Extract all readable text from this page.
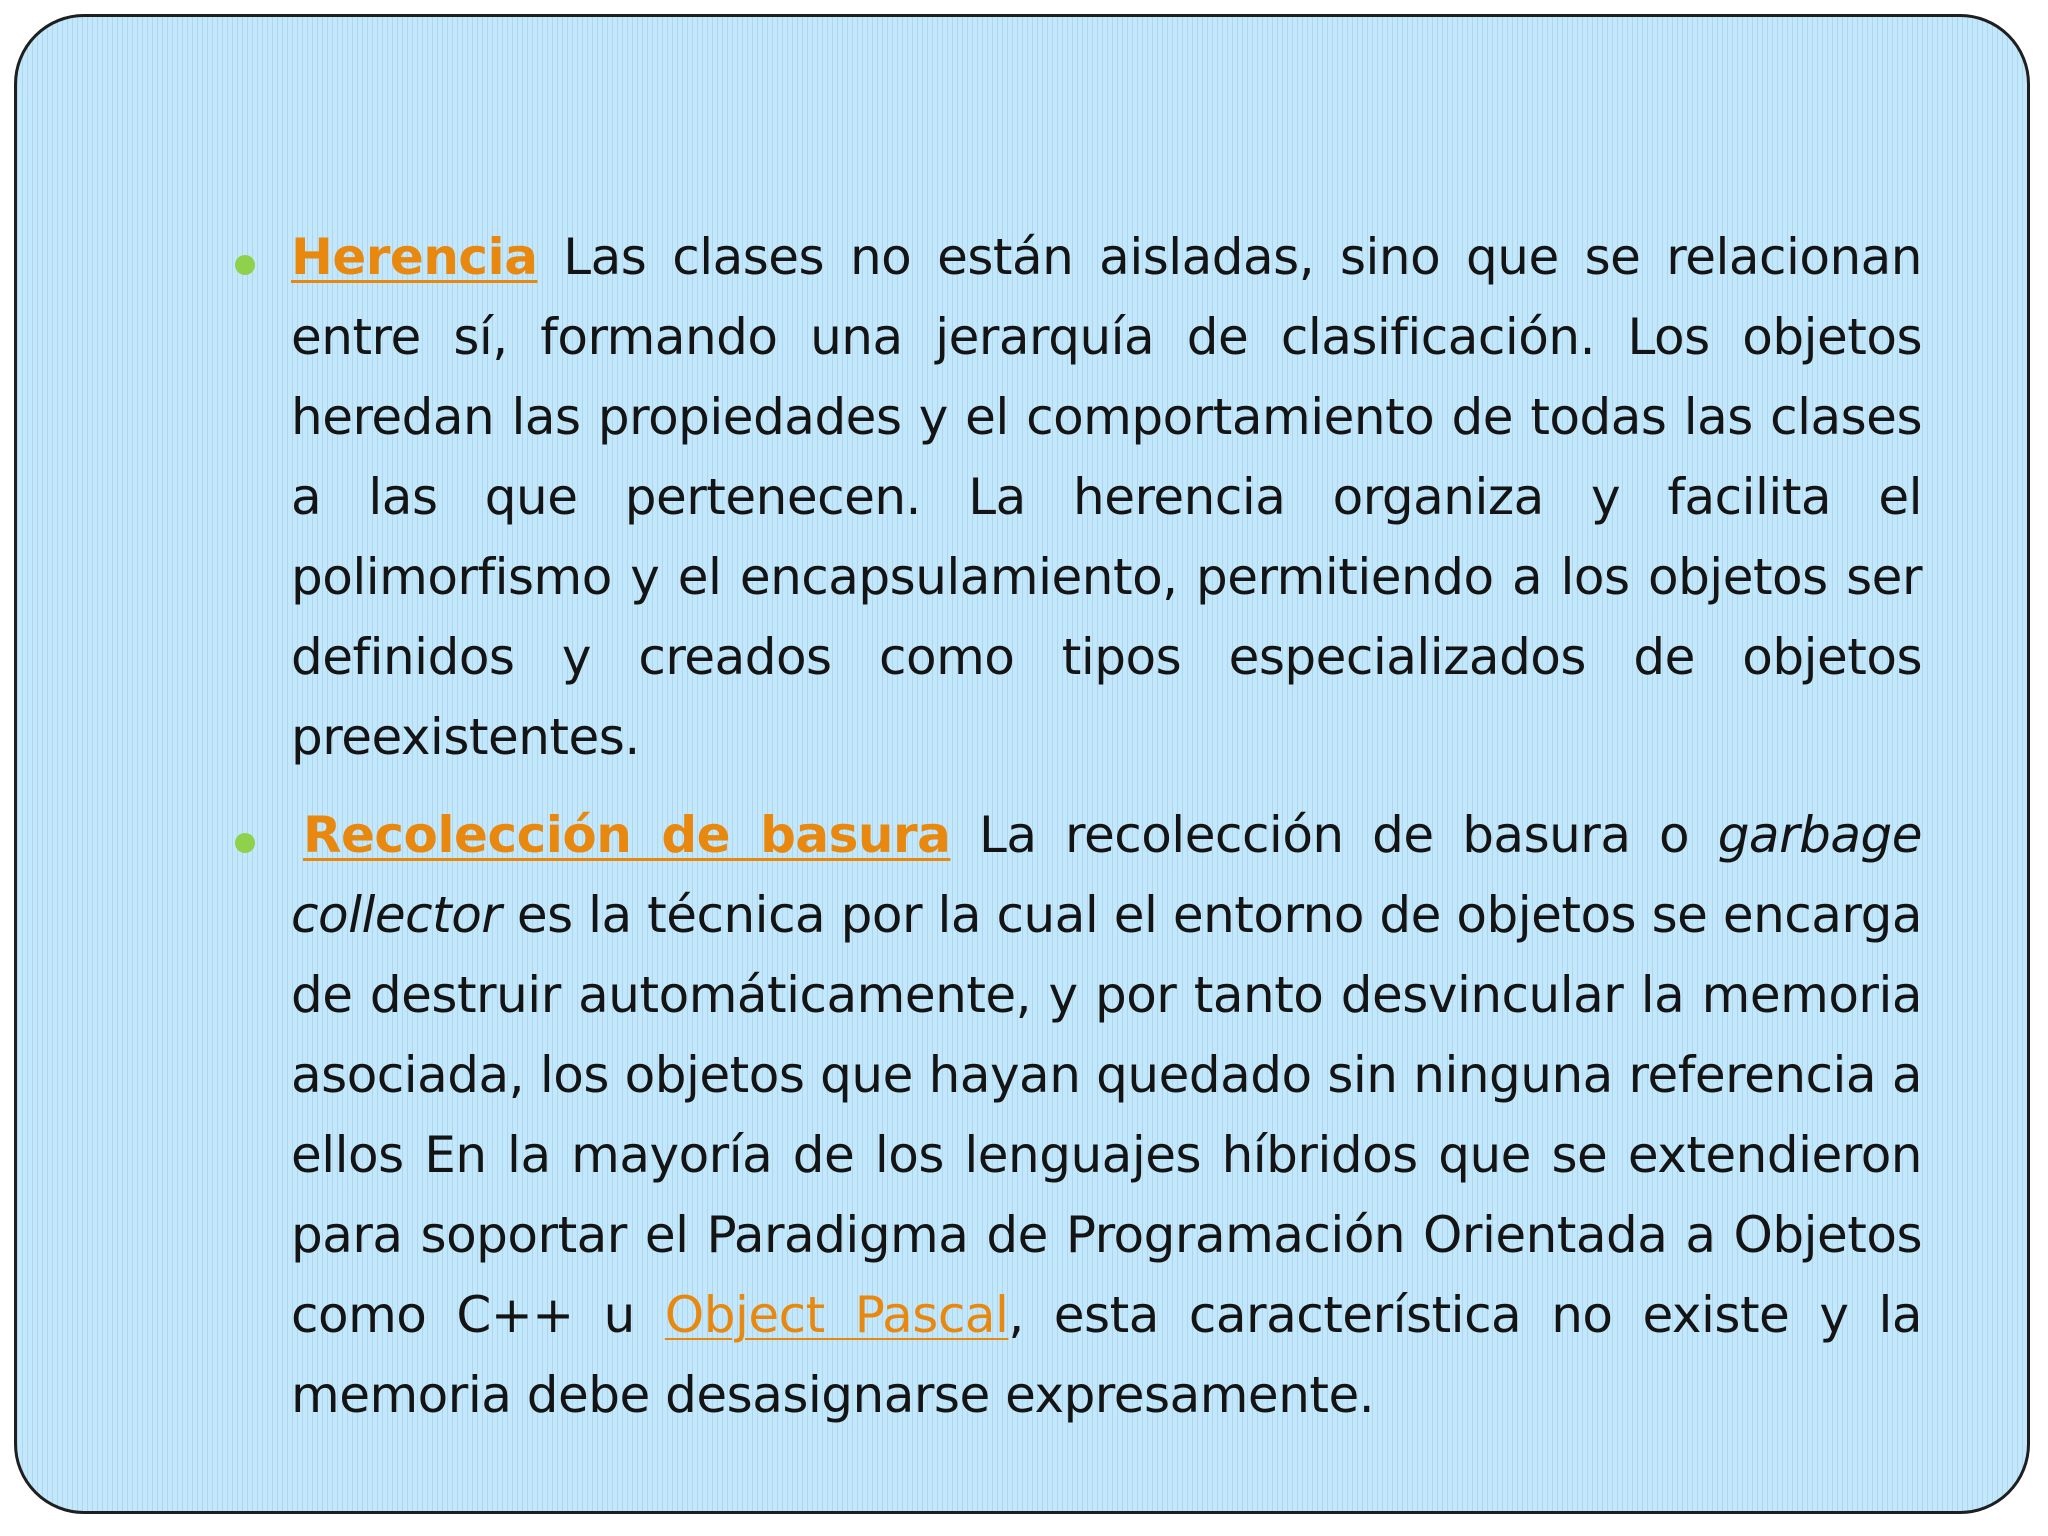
Herencia Las clases no están aisladas, sino que se relacionan entre sí, formando una jerarquía de clasificación. Los objetos heredan las propiedades y el comportamiento de todas las clases a las que pertenecen. La herencia organiza y facilita el polimorfismo y el encapsulamiento, permitiendo a los objetos ser definidos y creados como tipos especializados de objetos preexistentes.

Recolección de basura La recolección de basura o garbage collector es la técnica por la cual el entorno de objetos se encarga de destruir automáticamente, y por tanto desvincular la memoria asociada, los objetos que hayan quedado sin ninguna referencia a ellos En la mayoría de los lenguajes híbridos que se extendieron para soportar el Paradigma de Programación Orientada a Objetos como C++ u Object Pascal, esta característica no existe y la memoria debe desasignarse expresamente.
